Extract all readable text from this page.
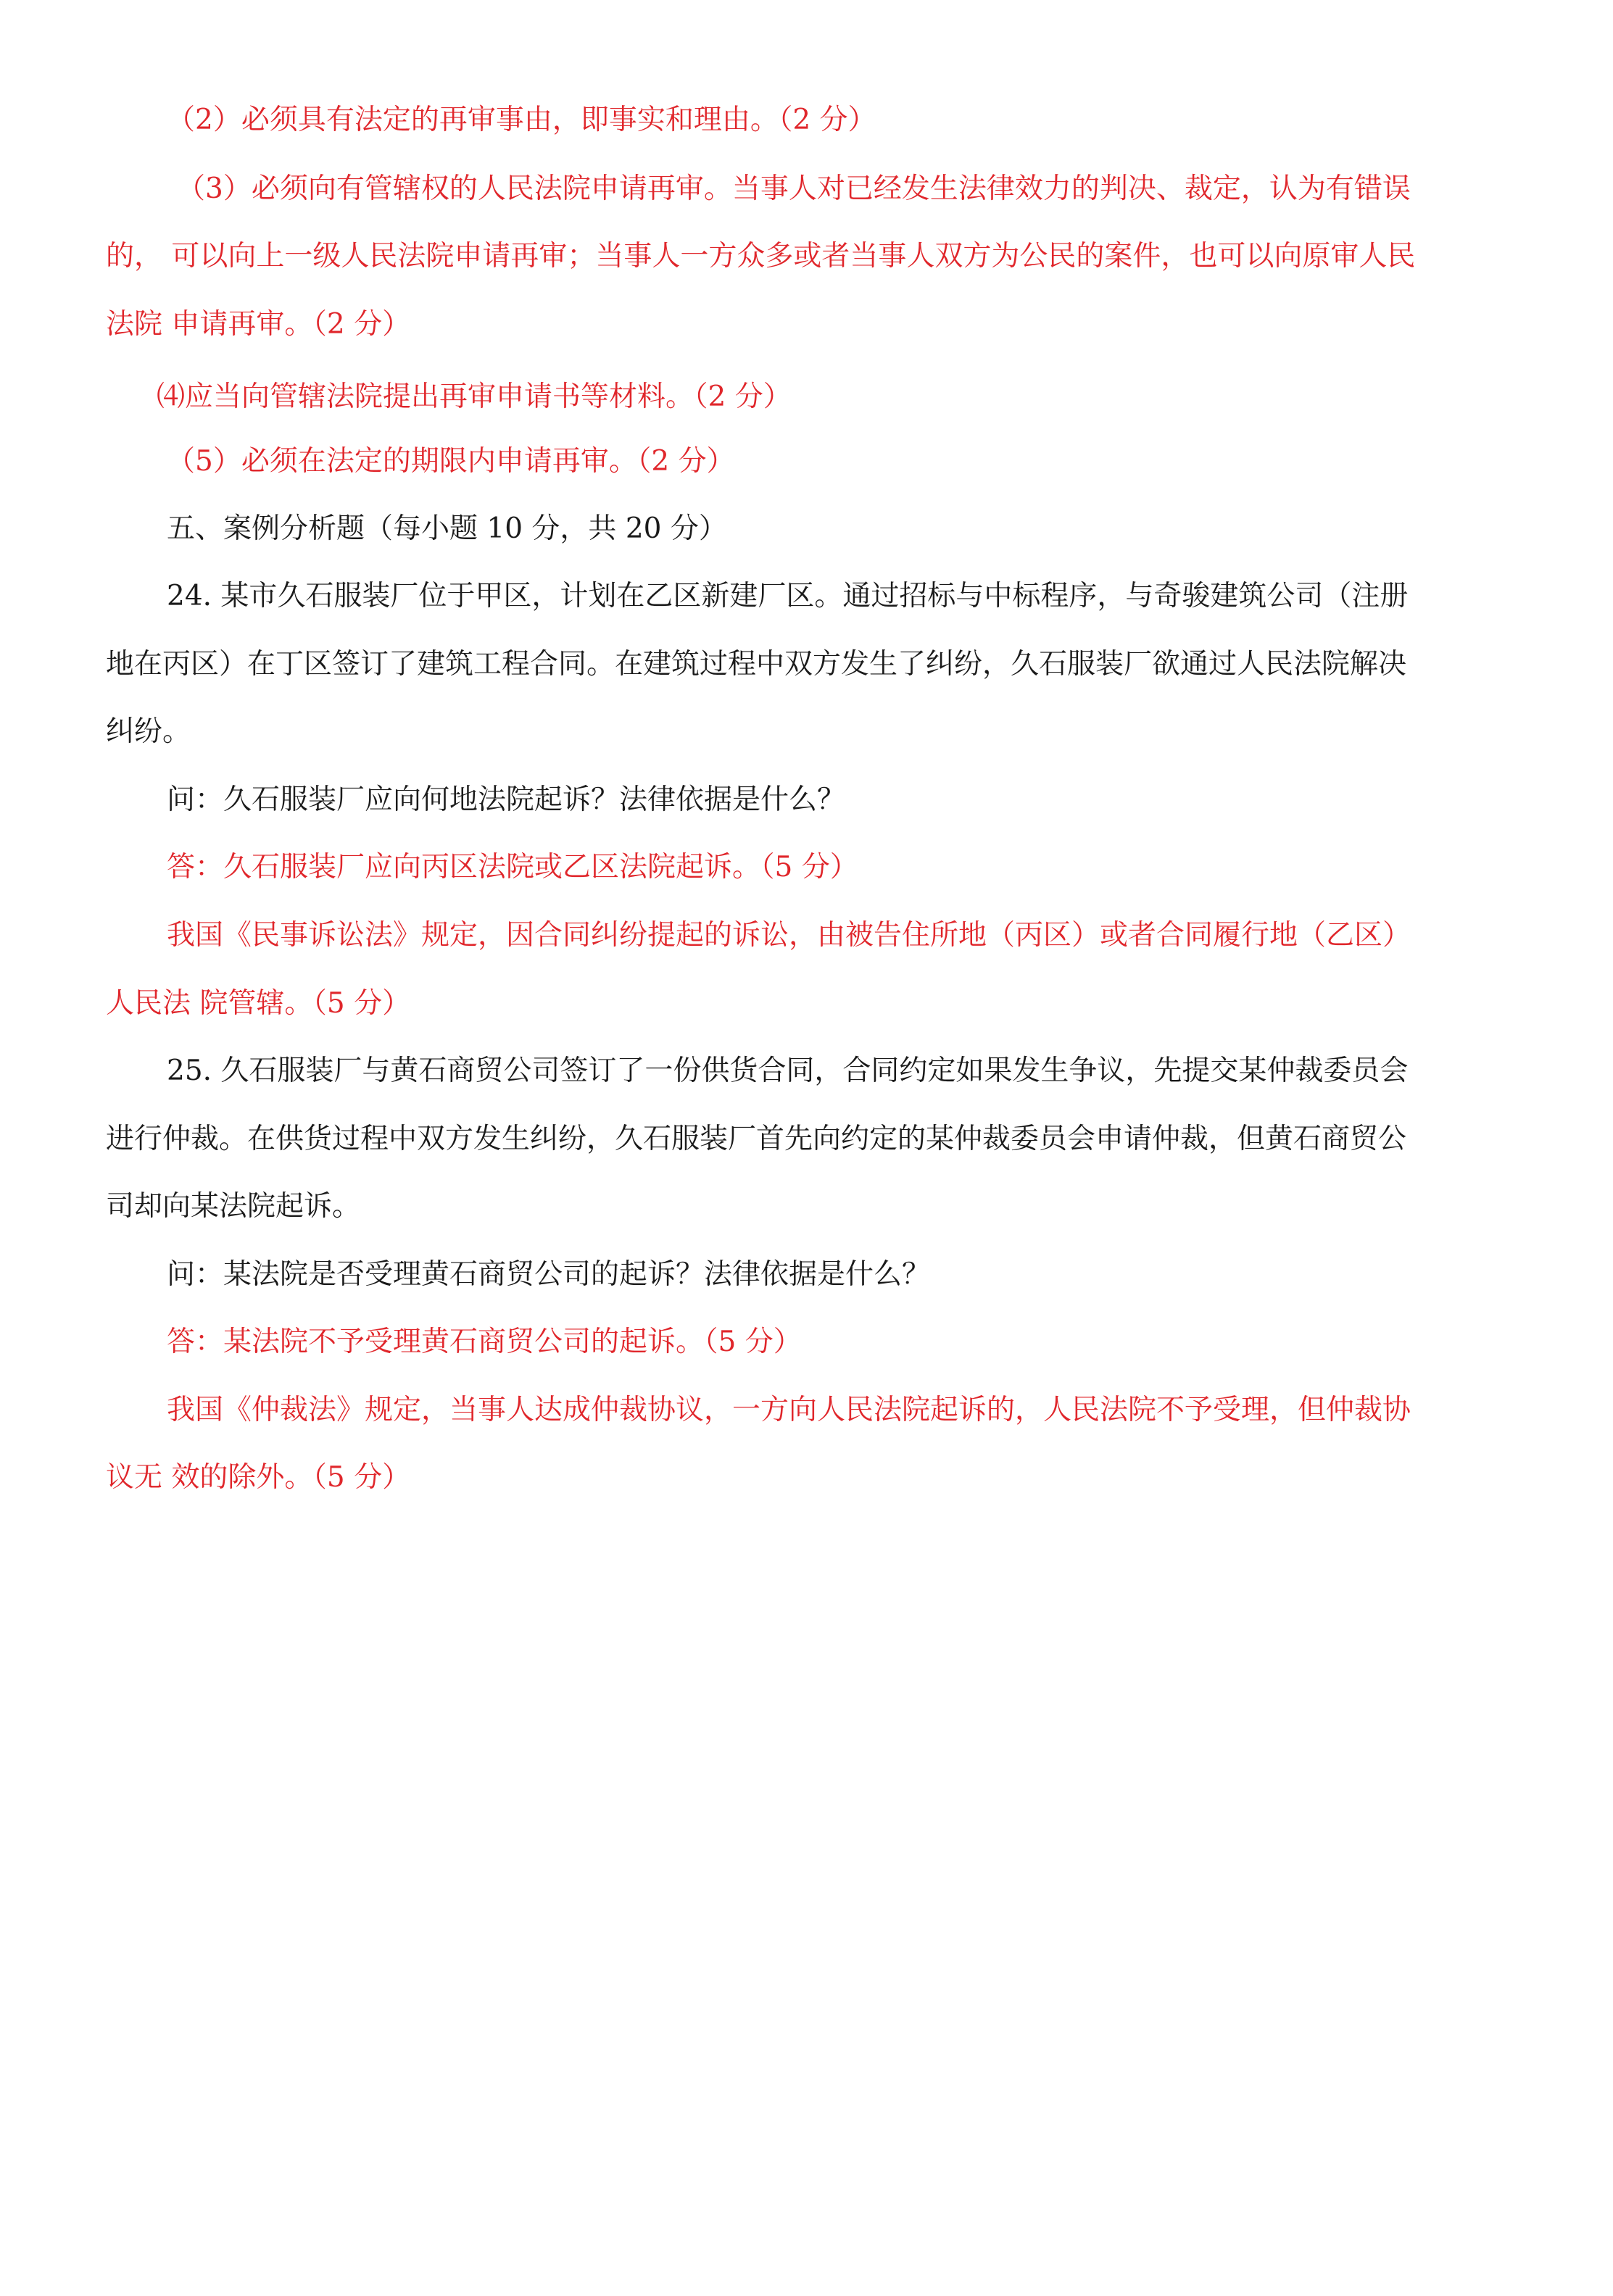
（2）必须具有法定的再审事由，即事实和理由。（2 分）
（3）必须向有管辖权的人民法院申请再审。当事人对已经发生法律效力的判决、裁定，认为有错误
的， 可以向上一级人民法院申请再审；当事人一方众多或者当事人双方为公民的案件，也可以向原审人民
法院 申请再审。（2 分）
⑷应当向管辖法院提出再审申请书等材料。（2 分）
（5）必须在法定的期限内申请再审。（2 分）
五、案例分析题（每小题 10 分，共 20 分）
24. 某市久石服装厂位于甲区，计划在乙区新建厂区。通过招标与中标程序，与奇骏建筑公司（注册
地在丙区）在丁区签订了建筑工程合同。在建筑过程中双方发生了纠纷，久石服装厂欲通过人民法院解决
纠纷。
问：久石服装厂应向何地法院起诉？法律依据是什么？
答：久石服装厂应向丙区法院或乙区法院起诉。（5 分）
我国《民事诉讼法》规定，因合同纠纷提起的诉讼，由被告住所地（丙区）或者合同履行地（乙区）
人民法 院管辖。（5 分）
25. 久石服装厂与黄石商贸公司签订了一份供货合同，合同约定如果发生争议，先提交某仲裁委员会
进行仲裁。在供货过程中双方发生纠纷，久石服装厂首先向约定的某仲裁委员会申请仲裁，但黄石商贸公
司却向某法院起诉。
问：某法院是否受理黄石商贸公司的起诉？法律依据是什么？
答：某法院不予受理黄石商贸公司的起诉。（5 分）
我国《仲裁法》规定，当事人达成仲裁协议，一方向人民法院起诉的，人民法院不予受理，但仲裁协
议无 效的除外。（5 分）
